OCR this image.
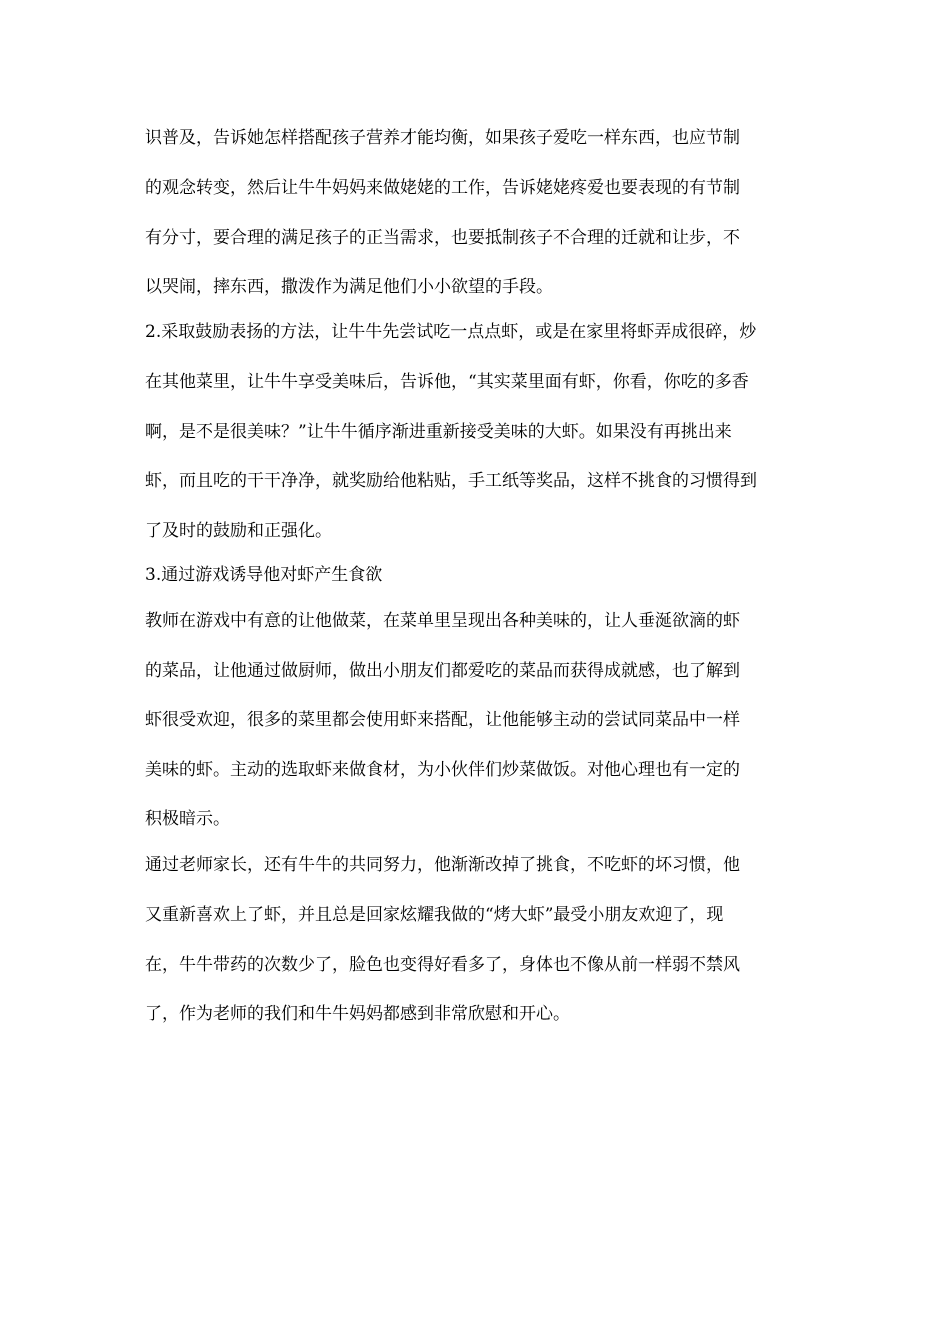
识普及，告诉她怎样搭配孩子营养才能均衡，如果孩子爱吃一样东西，也应节制
的观念转变，然后让牛牛妈妈来做姥姥的工作，告诉姥姥疼爱也要表现的有节制
有分寸，要合理的满足孩子的正当需求，也要抵制孩子不合理的迁就和让步，不
以哭闹，摔东西，撒泼作为满足他们小小欲望的手段。
2.采取鼓励表扬的方法，让牛牛先尝试吃一点点虾，或是在家里将虾弄成很碎，炒
在其他菜里，让牛牛享受美味后，告诉他，“其实菜里面有虾，你看，你吃的多香
啊，是不是很美味？”让牛牛循序渐进重新接受美味的大虾。如果没有再挑出来
虾，而且吃的干干净净，就奖励给他粘贴，手工纸等奖品，这样不挑食的习惯得到
了及时的鼓励和正强化。
3.通过游戏诱导他对虾产生食欲
教师在游戏中有意的让他做菜，在菜单里呈现出各种美味的，让人垂涎欲滴的虾
的菜品，让他通过做厨师，做出小朋友们都爱吃的菜品而获得成就感，也了解到
虾很受欢迎，很多的菜里都会使用虾来搭配，让他能够主动的尝试同菜品中一样
美味的虾。主动的选取虾来做食材，为小伙伴们炒菜做饭。对他心理也有一定的
积极暗示。
通过老师家长，还有牛牛的共同努力，他渐渐改掉了挑食，不吃虾的坏习惯，他
又重新喜欢上了虾，并且总是回家炫耀我做的“烤大虾”最受小朋友欢迎了，现
在，牛牛带药的次数少了，脸色也变得好看多了，身体也不像从前一样弱不禁风
了，作为老师的我们和牛牛妈妈都感到非常欣慰和开心。
